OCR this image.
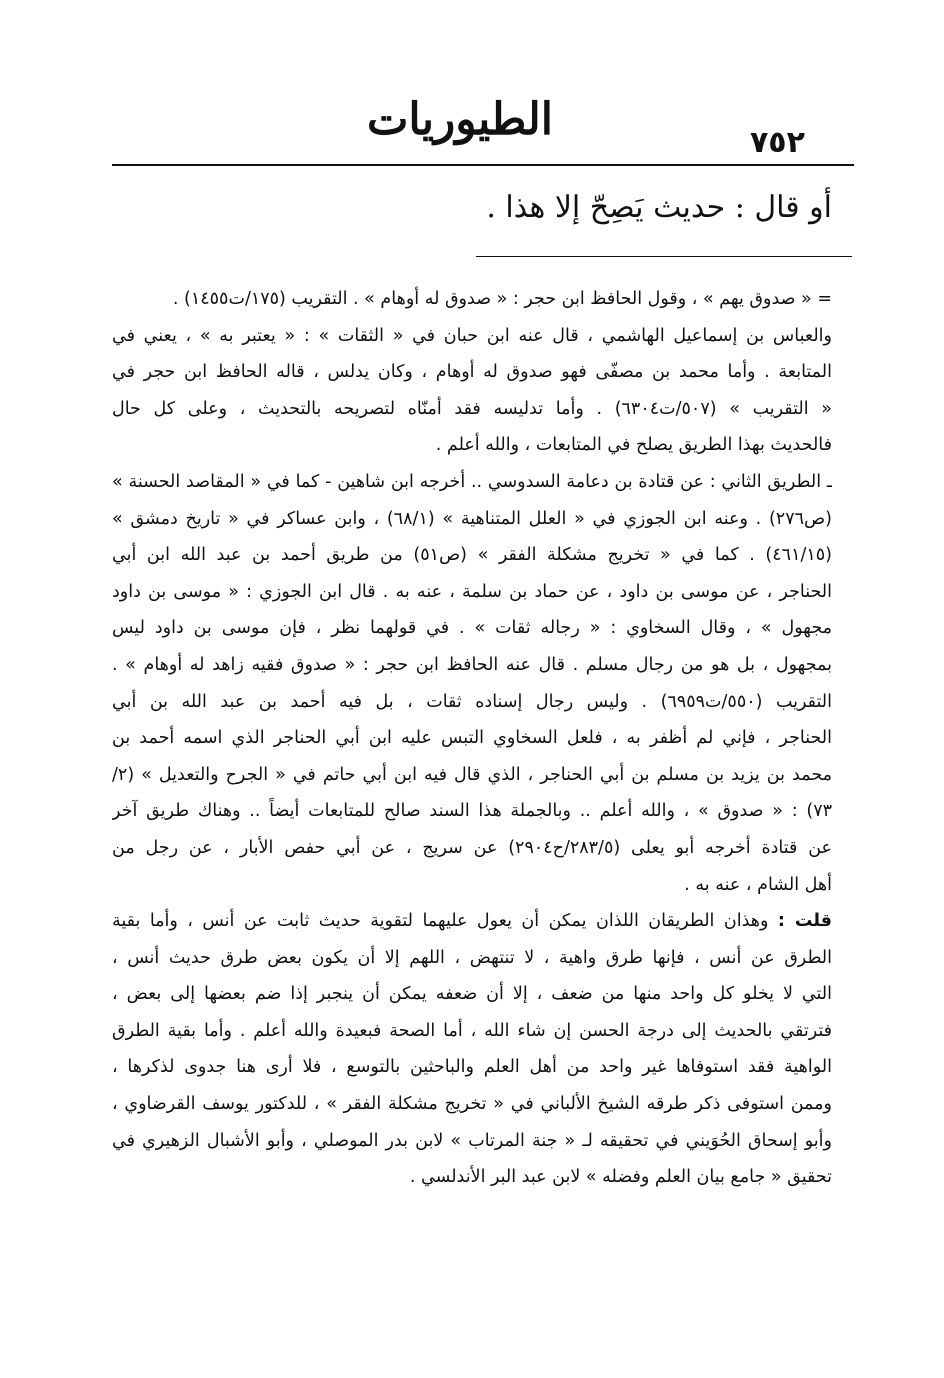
٧٥٢
الطيوريات
أو قال : حديث يَصِحّ إلا هذا .
= « صدوق يهم » ، وقول الحافظ ابن حجر : « صدوق له أوهام » . التقريب (١٧٥/ت١٤٥٥) .
والعباس بن إسماعيل الهاشمي ، قال عنه ابن حبان في « الثقات » : « يعتبر به » ، يعني في
المتابعة . وأما محمد بن مصفّى فهو صدوق له أوهام ، وكان يدلس ، قاله الحافظ ابن حجر في
« التقريب » (٥٠٧/ت٦٣٠٤) . وأما تدليسه فقد أمنّاه لتصريحه بالتحديث ، وعلى كل حال
فالحديث بهذا الطريق يصلح في المتابعات ، والله أعلم .
ـ الطريق الثاني : عن قتادة بن دعامة السدوسي .. أخرجه ابن شاهين - كما في « المقاصد الحسنة »
(ص٢٧٦) . وعنه ابن الجوزي في « العلل المتناهية » (٦٨/١) ، وابن عساكر في « تاريخ دمشق »
(٤٦١/١٥) . كما في « تخريج مشكلة الفقر » (ص٥١) من طريق أحمد بن عبد الله ابن أبي
الحناجر ، عن موسى بن داود ، عن حماد بن سلمة ، عنه به . قال ابن الجوزي : « موسى بن داود
مجهول » ، وقال السخاوي : « رجاله ثقات » . في قولهما نظر ، فإن موسى بن داود ليس
بمجهول ، بل هو من رجال مسلم . قال عنه الحافظ ابن حجر : « صدوق فقيه زاهد له أوهام » .
التقريب (٥٥٠/ت٦٩٥٩) . وليس رجال إسناده ثقات ، بل فيه أحمد بن عبد الله بن أبي
الحناجر ، فإني لم أظفر به ، فلعل السخاوي التبس عليه ابن أبي الحناجر الذي اسمه أحمد بن
محمد بن يزيد بن مسلم بن أبي الحناجر ، الذي قال فيه ابن أبي حاتم في « الجرح والتعديل » (٢/
٧٣) : « صدوق » ، والله أعلم .. وبالجملة هذا السند صالح للمتابعات أيضاً .. وهناك طريق آخر
عن قتادة أخرجه أبو يعلى (٢٨٣/٥/ح٢٩٠٤) عن سريج ، عن أبي حفص الأبار ، عن رجل من
أهل الشام ، عنه به .
قلت : وهذان الطريقان اللذان يمكن أن يعول عليهما لتقوية حديث ثابت عن أنس ، وأما بقية
الطرق عن أنس ، فإنها طرق واهية ، لا تنتهض ، اللهم إلا أن يكون بعض طرق حديث أنس ،
التي لا يخلو كل واحد منها من ضعف ، إلا أن ضعفه يمكن أن ينجبر إذا ضم بعضها إلى بعض ،
فترتقي بالحديث إلى درجة الحسن إن شاء الله ، أما الصحة فبعيدة والله أعلم . وأما بقية الطرق
الواهية فقد استوفاها غير واحد من أهل العلم والباحثين بالتوسع ، فلا أرى هنا جدوى لذكرها ،
وممن استوفى ذكر طرقه الشيخ الألباني في « تخريج مشكلة الفقر » ، للدكتور يوسف القرضاوي ،
وأبو إسحاق الحُوَيني في تحقيقه لـ « جنة المرتاب » لابن بدر الموصلي ، وأبو الأشبال الزهيري في
تحقيق « جامع بيان العلم وفضله » لابن عبد البر الأندلسي .
